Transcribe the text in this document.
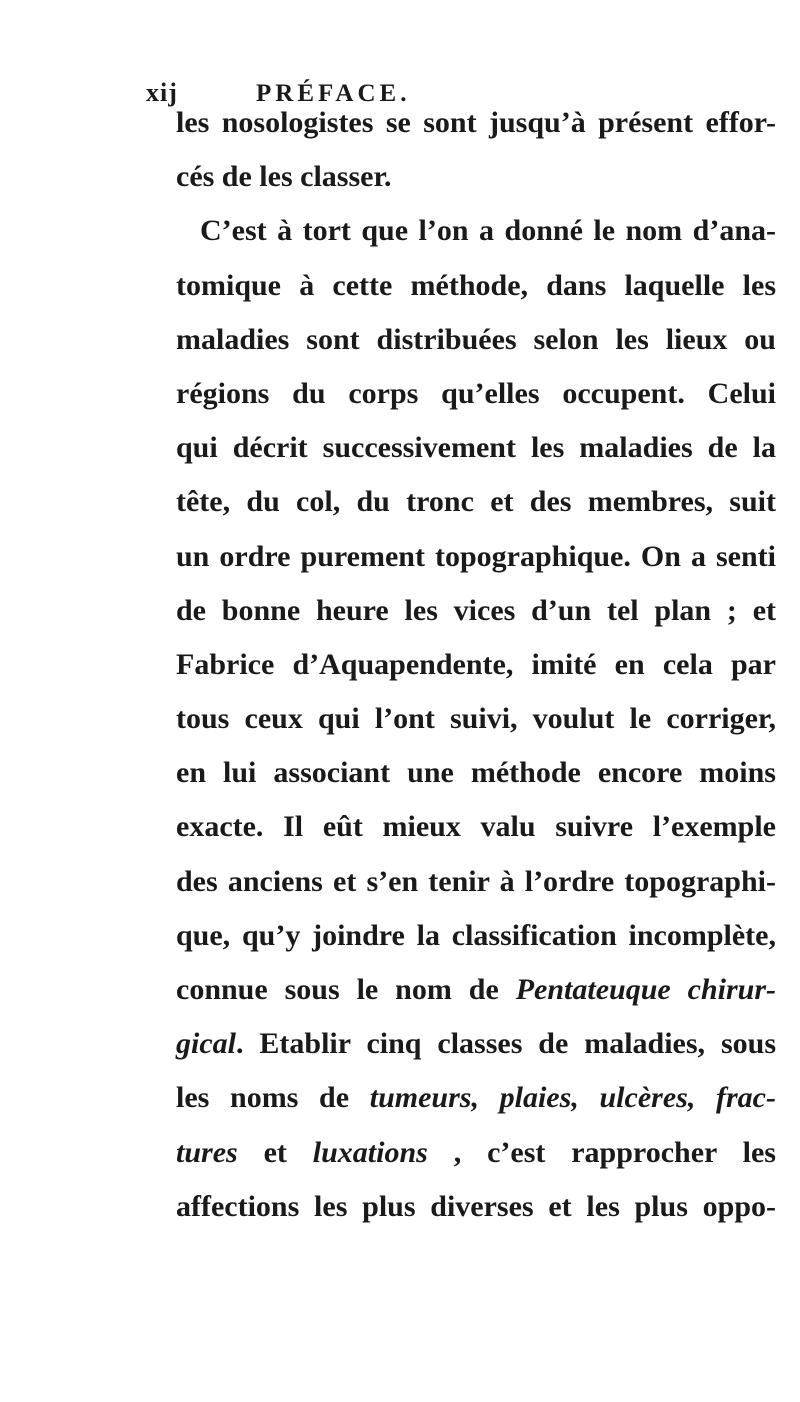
xij	PRÉFACE.
les nosologistes se sont jusqu’à présent effor-
cés de les classer.
C’est à tort que l’on a donné le nom d’ana-
tomique à cette méthode, dans laquelle les
maladies sont distribuées selon les lieux ou
régions du corps qu’elles occupent. Celui
qui décrit successivement les maladies de la
tête, du col, du tronc et des membres, suit
un ordre purement topographique. On a senti
de bonne heure les vices d’un tel plan ; et
Fabrice d’Aquapendente, imité en cela par
tous ceux qui l’ont suivi, voulut le corriger,
en lui associant une méthode encore moins
exacte. Il eût mieux valu suivre l’exemple
des anciens et s’en tenir à l’ordre topographi-
que, qu’y joindre la classification incomplète,
connue sous le nom de Pentateuque chirur-
gical. Etablir cinq classes de maladies, sous
les noms de tumeurs, plaies, ulcères, frac-
tures et luxations , c’est rapprocher les
affections les plus diverses et les plus oppo-
